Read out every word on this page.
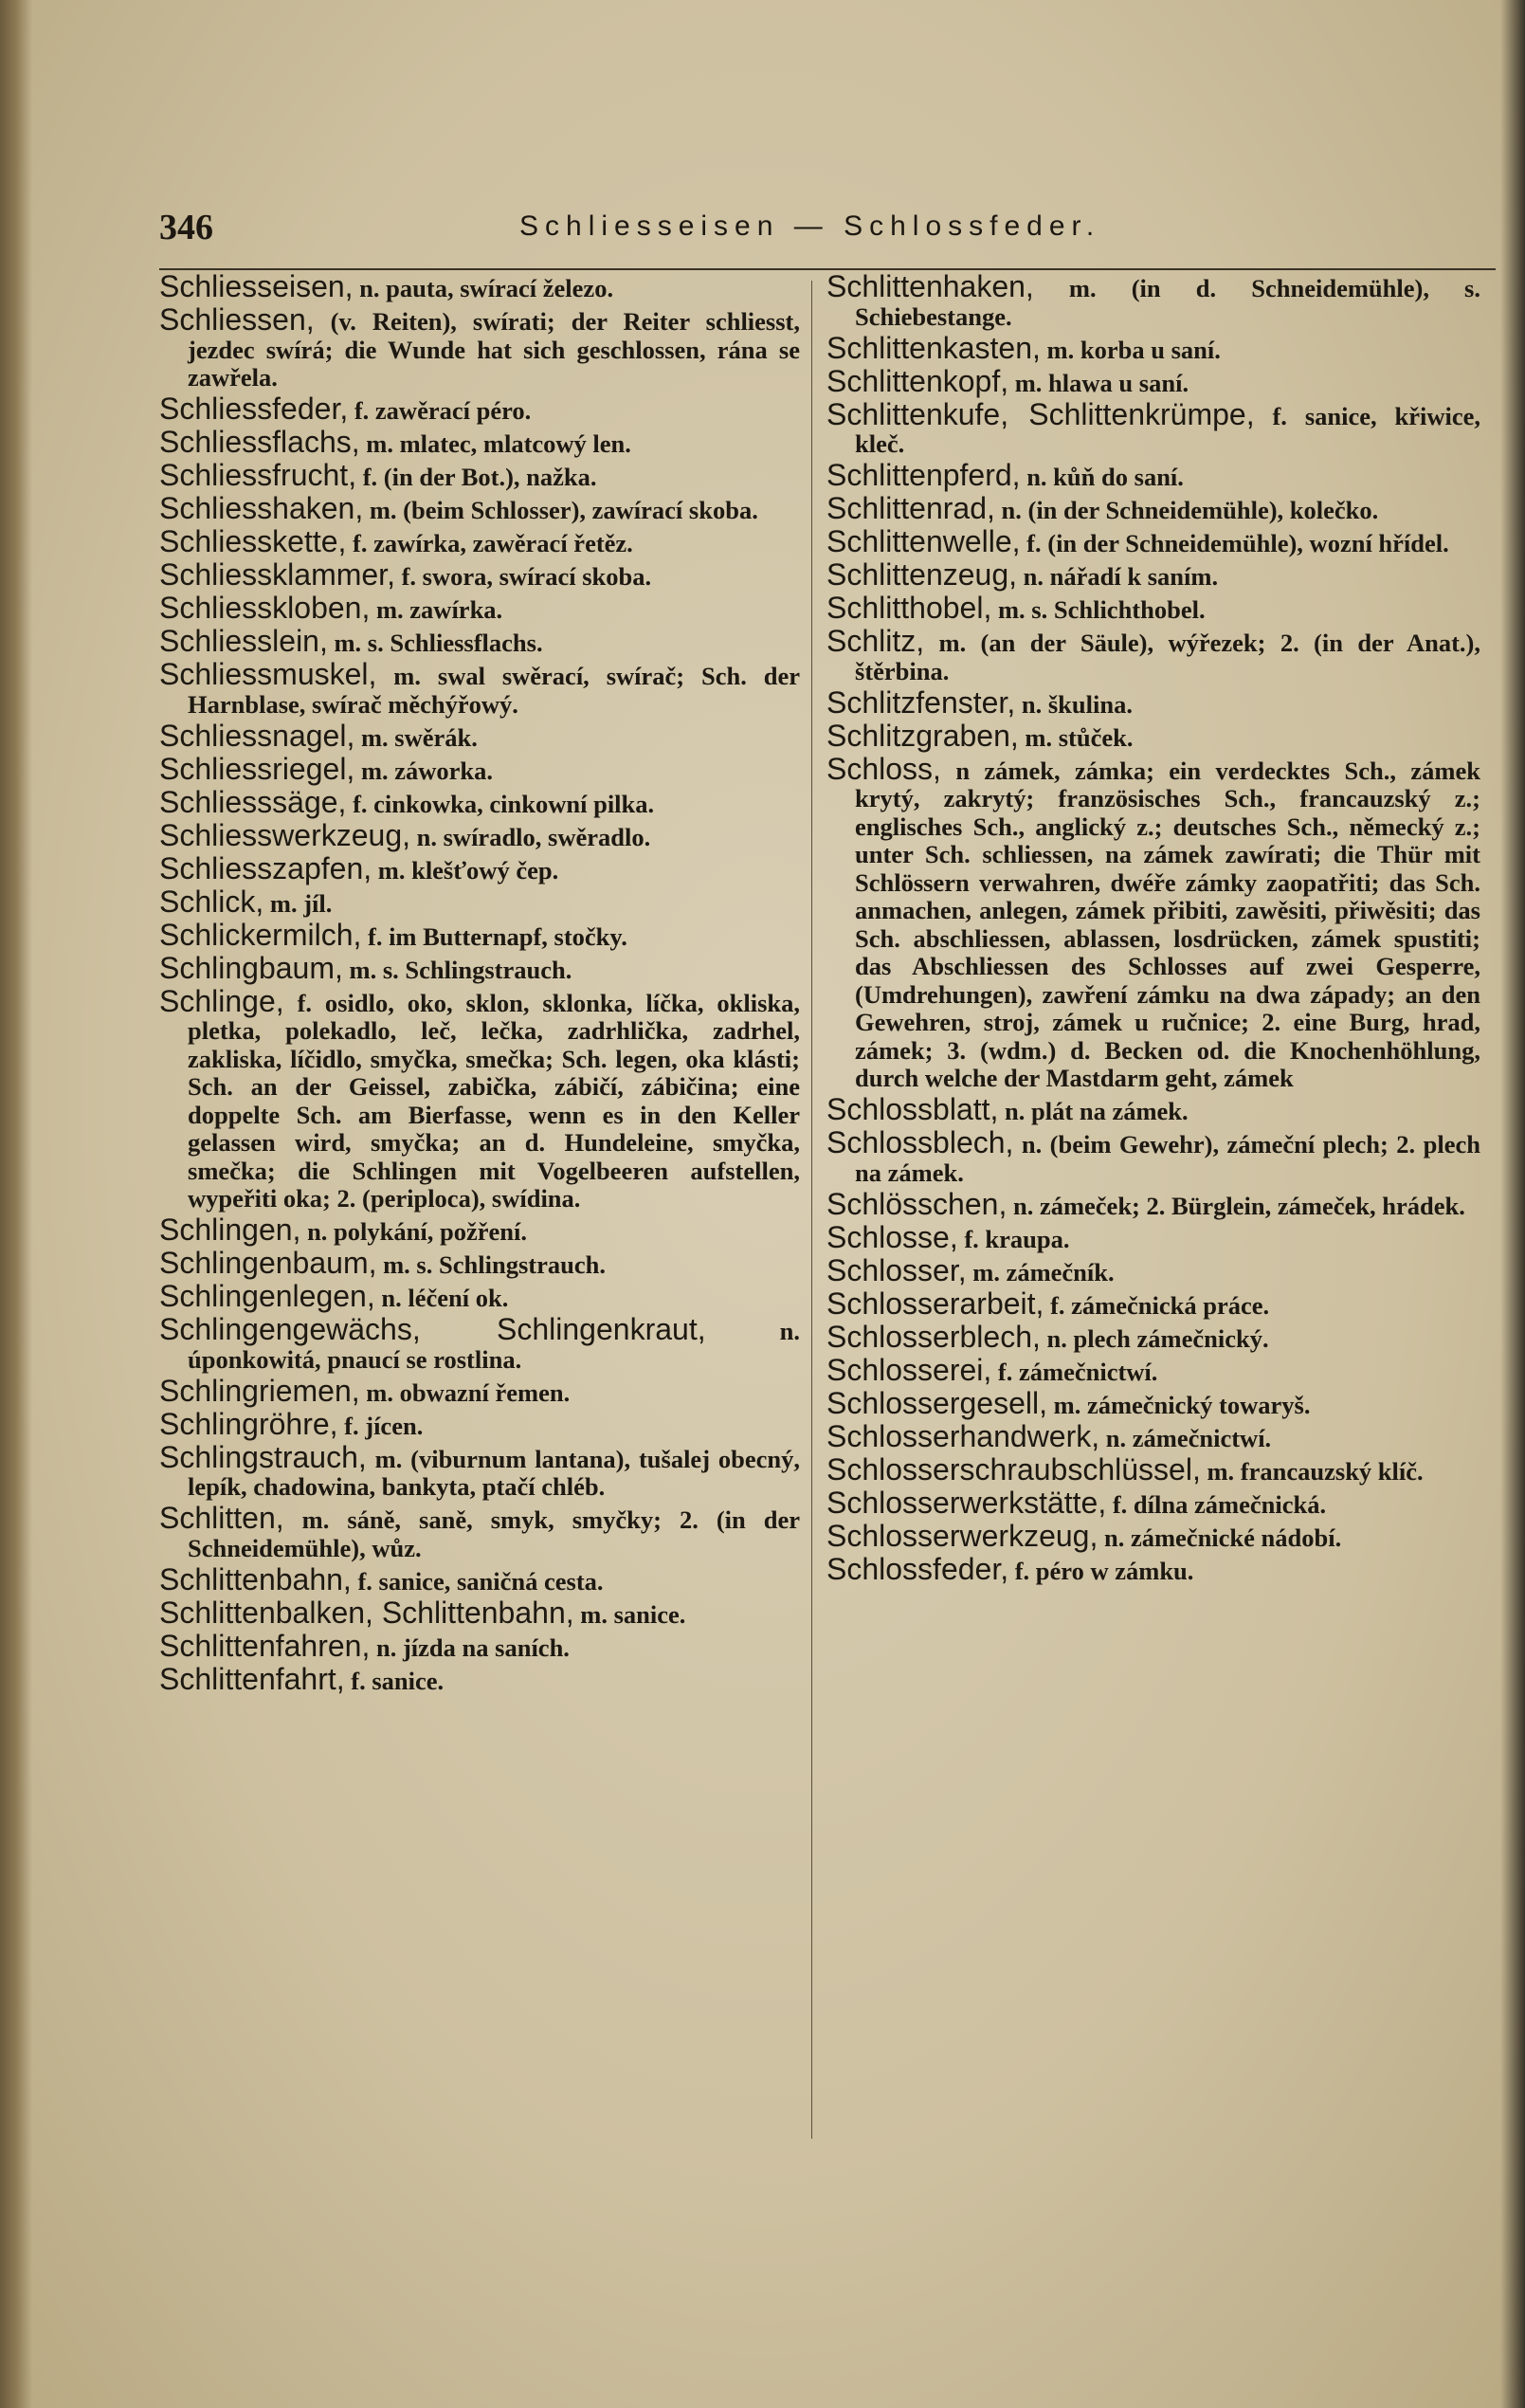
346	Schliesseisen — Schlossfeder.

Schliesseisen, n. pauta, swírací železo.

Schliessen, (v. Reiten), swírati; der Reiter schliesst, jezdec swírá; die Wunde hat sich geschlossen, rána se zawřela.

Schliessfeder, f. zawěrací péro.

Schliessflachs, m. mlatec, mlatcowý len.

Schliessfrucht, f. (in der Bot.), nažka.

Schliesshaken, m. (beim Schlosser), zawírací skoba.

Schliesskette, f. zawírka, zawěrací řetěz.

Schliessklammer, f. swora, swírací skoba.

Schliesskloben, m. zawírka.

Schliesslein, m. s. Schliessflachs.

Schliessmuskel, m. swal swěrací, swírač; Sch. der Harnblase, swírač měchýřowý.

Schliessnagel, m. swěrák.

Schliessriegel, m. záworka.

Schliesssäge, f. cinkowka, cinkowní pilka.

Schliesswerkzeug, n. swíradlo, swěradlo.

Schliesszapfen, m. klešťowý čep.

Schlick, m. jíl.

Schlickermilch, f. im Butternapf, stočky.

Schlingbaum, m. s. Schlingstrauch.

Schlinge, f. osidlo, oko, sklon, sklonka, líčka, okliska, pletka, polekadlo, leč, lečka, zadrhlička, zadrhel, zakliska, líčidlo, smyčka, smečka; Sch. legen, oka klásti; Sch. an der Geissel, zabička, zábičí, zábičina; eine doppelte Sch. am Bierfasse, wenn es in den Keller gelassen wird, smyčka; an d. Hundeleine, smyčka, smečka; die Schlingen mit Vogelbeeren aufstellen, wypeřiti oka; 2. (periploca), swídina.

Schlingen, n. polykání, požření.

Schlingenbaum, m. s. Schlingstrauch.

Schlingenlegen, n. léčení ok.

Schlingengewächs, Schlingenkraut,	n. úponkowitá, pnaucí se rostlina.

Schlingriemen, m. obwazní řemen.

Schlingröhre, f. jícen.

Schlingstrauch, m. (viburnum lantana), tušalej obecný, lepík, chadowina, bankyta, ptačí chléb.

Schlitten, m. sáně, saně, smyk, smyčky; 2. (in der Schneidemühle), wůz.

Schlittenbahn, f. sanice, saničná cesta.

Schlittenbalken, Schlittenbahn, m. sanice.

Schlittenfahren, n. jízda na saních.

Schlittenfahrt, f. sanice.

Schlittenhaken, m. (in d. Schneidemühle), s. Schiebestange.

Schlittenkasten, m. korba u saní.

Schlittenkopf, m. hlawa u saní.

Schlittenkufe, Schlittenkrümpe, f. sanice, křiwice, kleč.

Schlittenpferd, n. kůň do saní.

Schlittenrad, n. (in der Schneidemühle), kolečko.

Schlittenwelle, f. (in der Schneidemühle), wozní hřídel.

Schlittenzeug, n. nářadí k saním.

Schlitthobel, m. s. Schlichthobel.

Schlitz, m. (an der Säule), wýřezek; 2. (in der Anat.), štěrbina.

Schlitzfenster, n. škulina.

Schlitzgraben, m. stůček.

Schloss, n zámek, zámka; ein verdecktes Sch., zámek krytý, zakrytý; französisches Sch., francauzský z.; englisches Sch., anglický z.; deutsches Sch., německý z.; unter Sch. schliessen, na zámek zawírati; die Thür mit Schlössern verwahren, dwéře zámky zaopatřiti; das Sch. anmachen, anlegen, zámek přibiti, zawěsiti, přiwěsiti; das Sch. abschliessen, ablassen, losdrücken, zámek spustiti; das Abschliessen des Schlosses auf zwei Gesperre, (Umdrehungen), zawření zámku na dwa západy; an den Gewehren, stroj, zámek u ručnice; 2. eine Burg, hrad, zámek; 3. (wdm.) d. Becken od. die Knochenhöhlung, durch welche der Mastdarm geht, zámek

Schlossblatt, n. plát na zámek.

Schlossblech, n. (beim Gewehr), zámeční plech; 2. plech na zámek.

Schlösschen, n. zámeček; 2. Bürglein, zámeček, hrádek.

Schlosse, f. kraupa.

Schlosser, m. zámečník.

Schlosserarbeit, f. zámečnická práce.

Schlosserblech, n. plech zámečnický.

Schlosserei, f. zámečnictwí.

Schlossergesell, m. zámečnický towaryš.

Schlosserhandwerk, n. zámečnictwí.

Schlosserschraubschlüssel, m. francauzský klíč.

Schlosserwerkstätte, f. dílna zámečnická.

Schlosserwerkzeug, n. zámečnické nádobí.

Schlossfeder, f. péro w zámku.
